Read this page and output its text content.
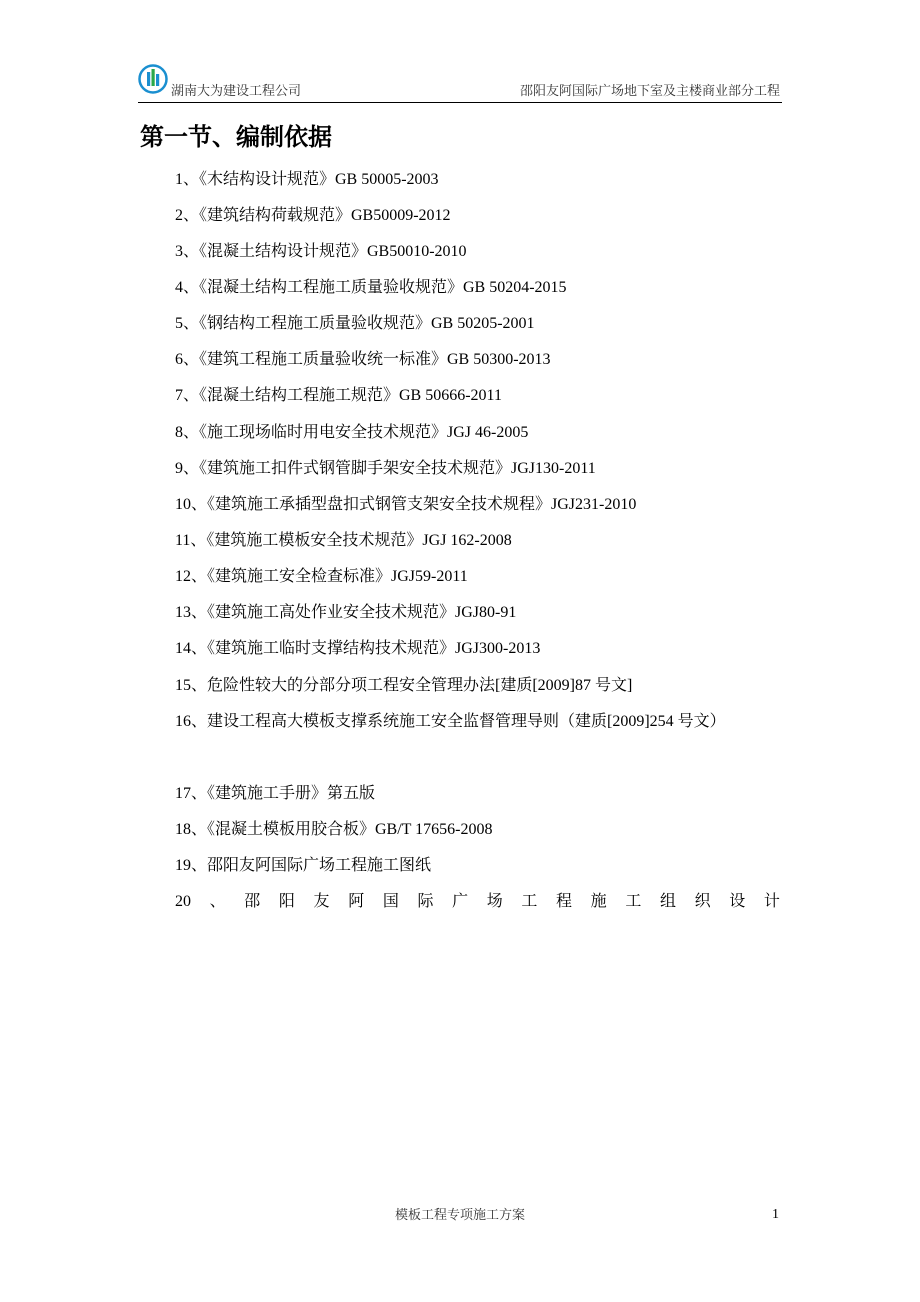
湖南大为建设工程公司	邵阳友阿国际广场地下室及主楼商业部分工程
第一节、编制依据
1、《木结构设计规范》GB 50005-2003
2、《建筑结构荷载规范》GB50009-2012
3、《混凝土结构设计规范》GB50010-2010
4、《混凝土结构工程施工质量验收规范》GB 50204-2015
5、《钢结构工程施工质量验收规范》GB 50205-2001
6、《建筑工程施工质量验收统一标准》GB 50300-2013
7、《混凝土结构工程施工规范》GB 50666-2011
8、《施工现场临时用电安全技术规范》JGJ 46-2005
9、《建筑施工扣件式钢管脚手架安全技术规范》JGJ130-2011
10、《建筑施工承插型盘扣式钢管支架安全技术规程》JGJ231-2010
11、《建筑施工模板安全技术规范》JGJ 162-2008
12、《建筑施工安全检查标准》JGJ59-2011
13、《建筑施工高处作业安全技术规范》JGJ80-91
14、《建筑施工临时支撑结构技术规范》JGJ300-2013
15、危险性较大的分部分项工程安全管理办法[建质[2009]87 号文]
16、建设工程高大模板支撑系统施工安全监督管理导则（建质[2009]254 号文）
17、《建筑施工手册》第五版
18、《混凝土模板用胶合板》GB/T 17656-2008
19、邵阳友阿国际广场工程施工图纸
20 、 邵 阳 友 阿 国 际 广 场 工 程 施 工 组 织 设 计
模板工程专项施工方案	1
